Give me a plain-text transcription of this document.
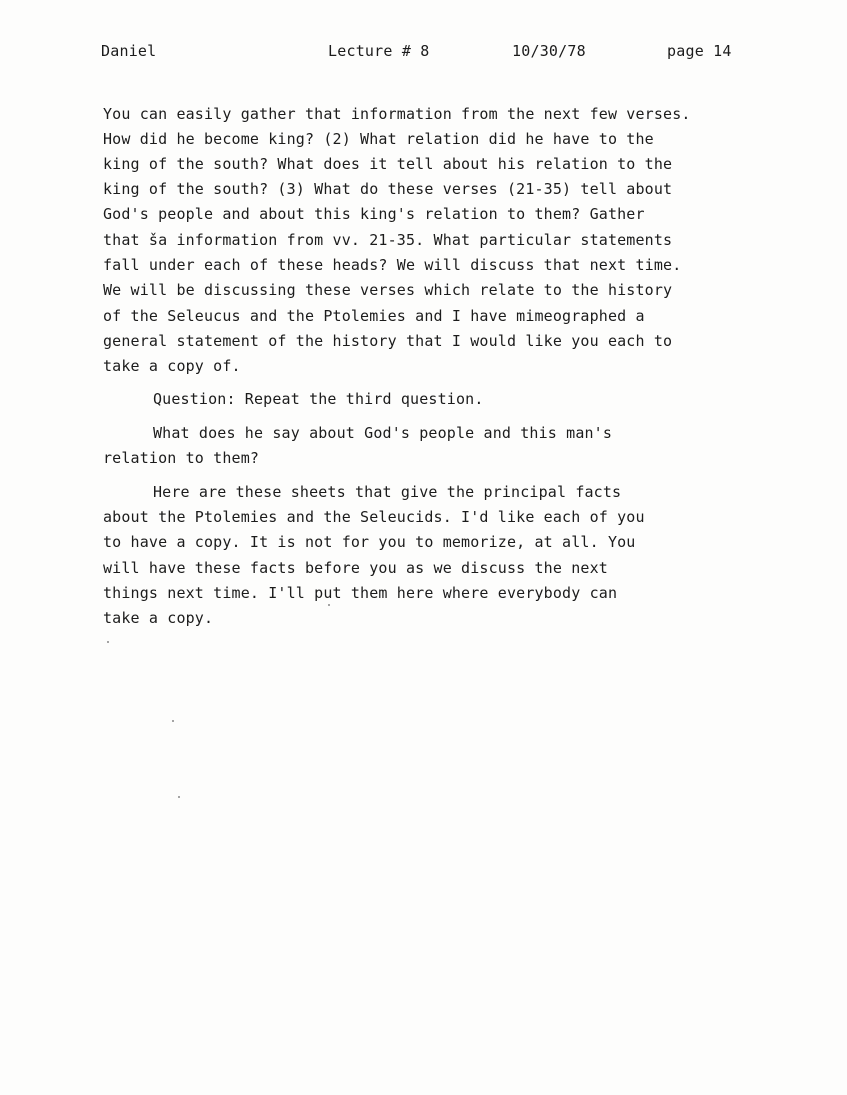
Daniel	Lecture # 8	10/30/78	page 14
You can easily gather that information from the next few verses.
How did he become king? (2) What relation did he have to the
king of the south? What does it tell about his relation to the
king of the south? (3) What do these verses (21-35) tell about
God's people and about this king's relation to them? Gather
that ša information from vv. 21-35. What particular statements
fall under each of these heads? We will discuss that next time.
We will be discussing these verses which relate to the history
of the Seleucus and the Ptolemies and I have mimeographed a
general statement of the history that I would like you each to
take a copy of.
Question: Repeat the third question.
What does he say about God's people and this man's
relation to them?
Here are these sheets that give the principal facts
about the Ptolemies and the Seleucids. I'd like each of you
to have a copy. It is not for you to memorize, at all. You
will have these facts before you as we discuss the next
things next time. I'll put them here where everybody can
take a copy.
